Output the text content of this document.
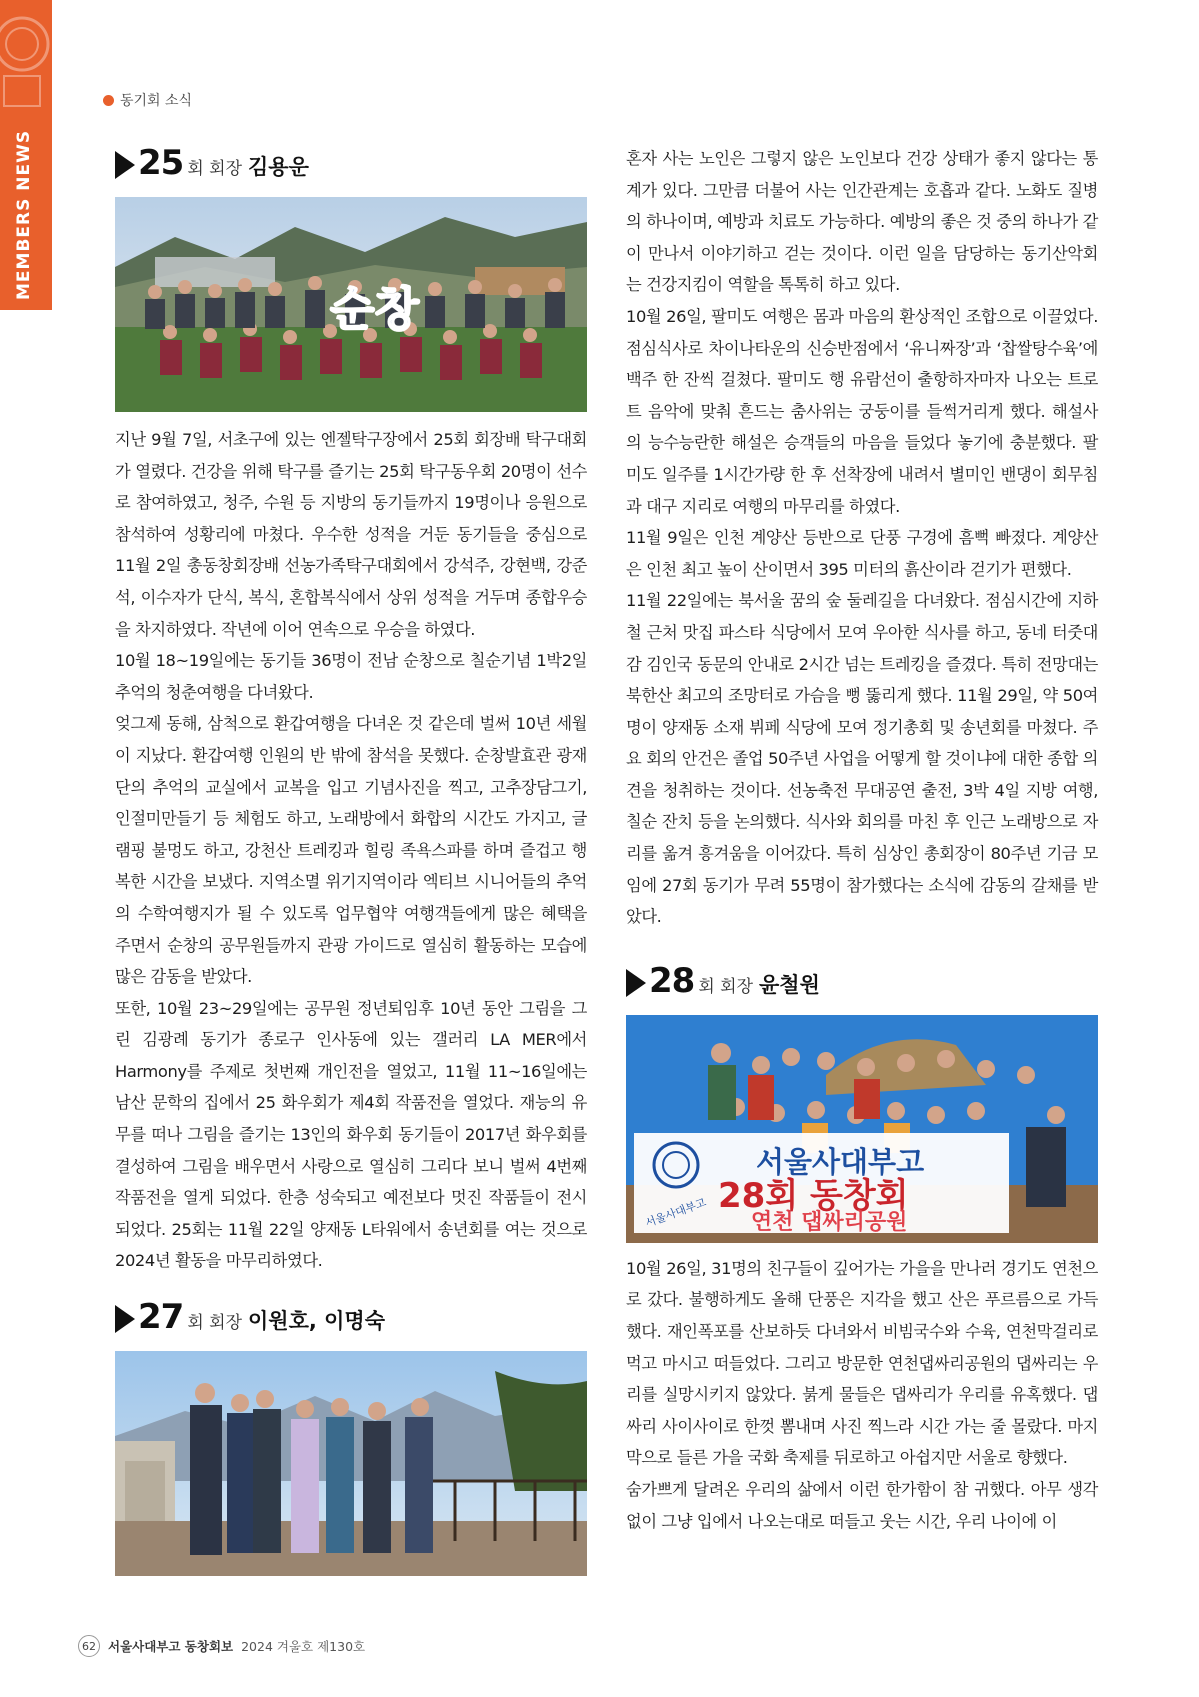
MEMBERS NEWS
동기회 소식
25 회 회장 김용운
순창
지난 9월 7일, 서초구에 있는 엔젤탁구장에서 25회 회장배 탁구대회가 열렸다. 건강을 위해 탁구를 즐기는 25회 탁구동우회 20명이 선수로 참여하였고, 청주, 수원 등 지방의 동기들까지 19명이나 응원으로 참석하여 성황리에 마쳤다. 우수한 성적을 거둔 동기들을 중심으로 11월 2일 총동창회장배 선농가족탁구대회에서 강석주, 강현백, 강준석, 이수자가 단식, 복식, 혼합복식에서 상위 성적을 거두며 종합우승을 차지하였다. 작년에 이어 연속으로 우승을 하였다.
10월 18~19일에는 동기들 36명이 전남 순창으로 칠순기념 1박2일 추억의 청춘여행을 다녀왔다.
엊그제 동해, 삼척으로 환갑여행을 다녀온 것 같은데 벌써 10년 세월이 지났다. 환갑여행 인원의 반 밖에 참석을 못했다. 순창발효관 광재단의 추억의 교실에서 교복을 입고 기념사진을 찍고, 고추장담그기, 인절미만들기 등 체험도 하고, 노래방에서 화합의 시간도 가지고, 글램핑 불멍도 하고, 강천산 트레킹과 힐링 족욕스파를 하며 즐겁고 행복한 시간을 보냈다. 지역소멸 위기지역이라 엑티브 시니어들의 추억의 수학여행지가 될 수 있도록 업무협약 여행객들에게 많은 혜택을 주면서 순창의 공무원들까지 관광 가이드로 열심히 활동하는 모습에 많은 감동을 받았다.
또한, 10월 23~29일에는 공무원 정년퇴임후 10년 동안 그림을 그린 김광례 동기가 종로구 인사동에 있는 갤러리 LA MER에서 Harmony를 주제로 첫번째 개인전을 열었고, 11월 11~16일에는 남산 문학의 집에서 25 화우회가 제4회 작품전을 열었다. 재능의 유무를 떠나 그림을 즐기는 13인의 화우회 동기들이 2017년 화우회를 결성하여 그림을 배우면서 사랑으로 열심히 그리다 보니 벌써 4번째 작품전을 열게 되었다. 한층 성숙되고 예전보다 멋진 작품들이 전시되었다. 25회는 11월 22일 양재동 L타워에서 송년회를 여는 것으로 2024년 활동을 마무리하였다.
27 회 회장 이원호, 이명숙
혼자 사는 노인은 그렇지 않은 노인보다 건강 상태가 좋지 않다는 통계가 있다. 그만큼 더불어 사는 인간관계는 호흡과 같다. 노화도 질병의 하나이며, 예방과 치료도 가능하다. 예방의 좋은 것 중의 하나가 같이 만나서 이야기하고 걷는 것이다. 이런 일을 담당하는 동기산악회는 건강지킴이 역할을 톡톡히 하고 있다.
10월 26일, 팔미도 여행은 몸과 마음의 환상적인 조합으로 이끌었다. 점심식사로 차이나타운의 신승반점에서 ‘유니짜장’과 ‘찹쌀탕수육’에 백주 한 잔씩 걸쳤다. 팔미도 행 유람선이 출항하자마자 나오는 트로트 음악에 맞춰 흔드는 춤사위는 궁둥이를 들썩거리게 했다. 해설사의 능수능란한 해설은 승객들의 마음을 들었다 놓기에 충분했다. 팔미도 일주를 1시간가량 한 후 선착장에 내려서 별미인 밴댕이 회무침과 대구 지리로 여행의 마무리를 하였다.
11월 9일은 인천 계양산 등반으로 단풍 구경에 흠뻑 빠졌다. 계양산은 인천 최고 높이 산이면서 395 미터의 흙산이라 걷기가 편했다.
11월 22일에는 북서울 꿈의 숲 둘레길을 다녀왔다. 점심시간에 지하철 근처 맛집 파스타 식당에서 모여 우아한 식사를 하고, 동네 터줏대감 김인국 동문의 안내로 2시간 넘는 트레킹을 즐겼다. 특히 전망대는 북한산 최고의 조망터로 가슴을 뻥 뚫리게 했다. 11월 29일, 약 50여 명이 양재동 소재 뷔페 식당에 모여 정기총회 및 송년회를 마쳤다. 주요 회의 안건은 졸업 50주년 사업을 어떻게 할 것이냐에 대한 종합 의견을 청취하는 것이다. 선농축전 무대공연 출전, 3박 4일 지방 여행, 칠순 잔치 등을 논의했다. 식사와 회의를 마친 후 인근 노래방으로 자리를 옮겨 흥겨움을 이어갔다. 특히 심상인 총회장이 80주년 기금 모임에 27회 동기가 무려 55명이 참가했다는 소식에 감동의 갈채를 받았다.
28 회 회장 윤철원
서울사대부고
서울사대부고
28회 동창회
연천 댑싸리공원
10월 26일, 31명의 친구들이 깊어가는 가을을 만나러 경기도 연천으로 갔다. 불행하게도 올해 단풍은 지각을 했고 산은 푸르름으로 가득했다. 재인폭포를 산보하듯 다녀와서 비빔국수와 수육, 연천막걸리로 먹고 마시고 떠들었다. 그리고 방문한 연천댑싸리공원의 댑싸리는 우리를 실망시키지 않았다. 붉게 물들은 댑싸리가 우리를 유혹했다. 댑싸리 사이사이로 한껏 뽐내며 사진 찍느라 시간 가는 줄 몰랐다. 마지막으로 들른 가을 국화 축제를 뒤로하고 아쉽지만 서울로 향했다.
숨가쁘게 달려온 우리의 삶에서 이런 한가함이 참 귀했다. 아무 생각없이 그냥 입에서 나오는대로 떠들고 웃는 시간, 우리 나이에 이
62 서울사대부고 동창회보 2024 겨울호 제130호
